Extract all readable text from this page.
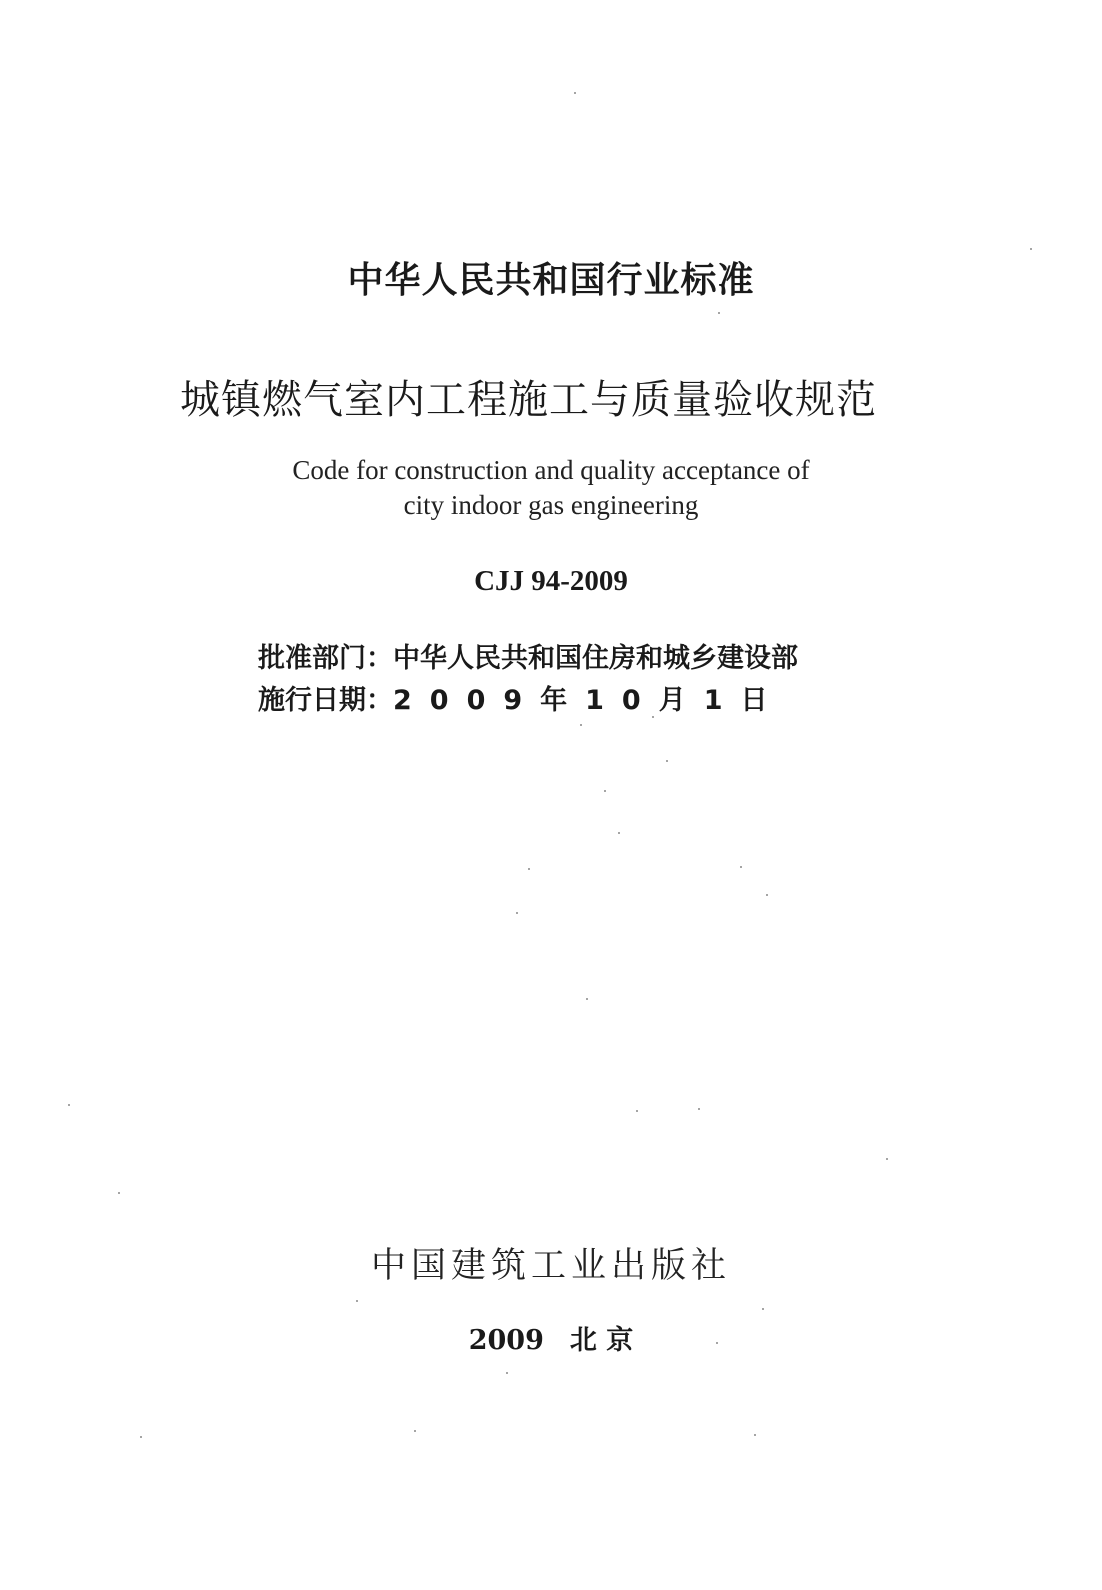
中华人民共和国行业标准
城镇燃气室内工程施工与质量验收规范
Code for construction and quality acceptance of
city indoor gas engineering
CJJ 94-2009
批准部门：中华人民共和国住房和城乡建设部
施行日期：2009年10月1日
中国建筑工业出版社
2009 北 京
